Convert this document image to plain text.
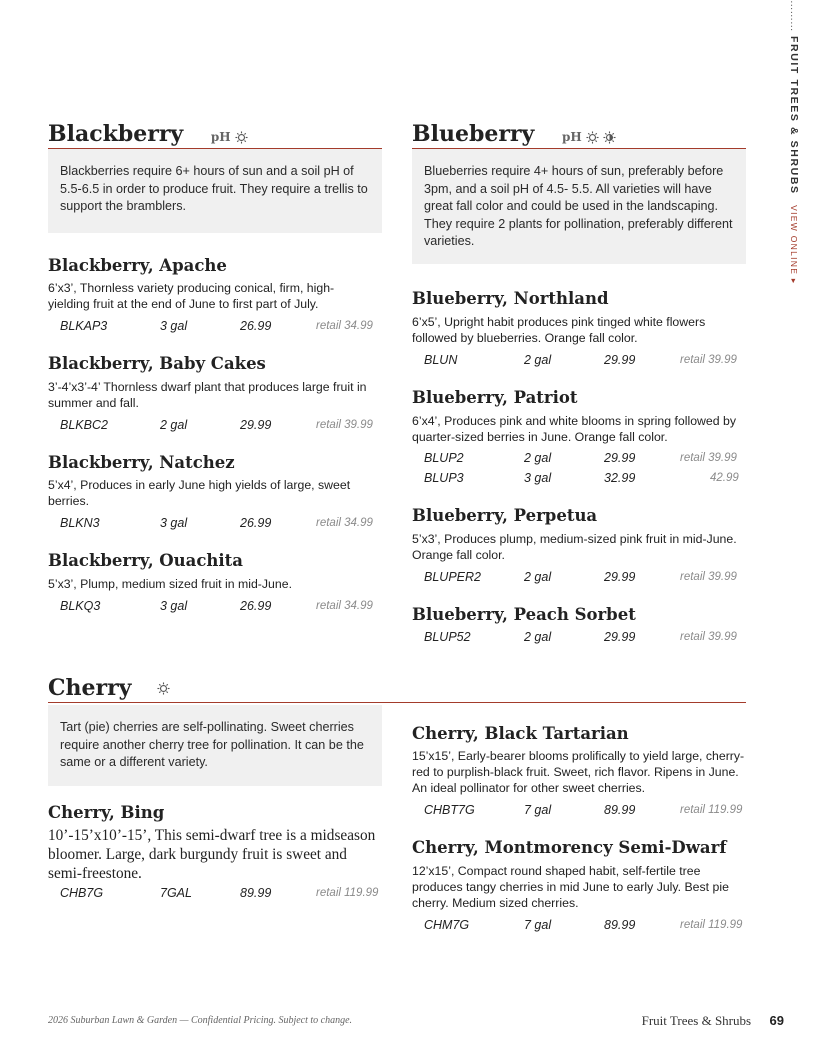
……… FRUIT TREES & SHRUBS VIEW ONLINE ▸
Blackberry pH
Blackberries require 6+ hours of sun and a soil pH of 5.5-6.5 in order to produce fruit. They require a trellis to support the bramblers.
Blackberry, Apache
6’x3’, Thornless variety producing conical, firm, high-yielding fruit at the end of June to first part of July.
BLKAP3	3 gal	26.99	retail 34.99
Blackberry, Baby Cakes
3’-4’x3’-4’ Thornless dwarf plant that produces large fruit in summer and fall.
BLKBC2	2 gal	29.99	retail 39.99
Blackberry, Natchez
5’x4’, Produces in early June high yields of large, sweet berries.
BLKN3	3 gal	26.99	retail 34.99
Blackberry, Ouachita
5’x3’, Plump, medium sized fruit in mid-June.
BLKQ3	3 gal	26.99	retail 34.99
Blueberry pH
Blueberries require 4+ hours of sun, preferably before 3pm, and a soil pH of 4.5- 5.5. All varieties will have great fall color and could be used in the landscaping. They require 2 plants for pollination, preferably different varieties.
Blueberry, Northland
6’x5’, Upright habit produces pink tinged white flowers followed by blueberries. Orange fall color.
BLUN	2 gal	29.99	retail 39.99
Blueberry, Patriot
6’x4’, Produces pink and white blooms in spring followed by quarter-sized berries in June. Orange fall color.
BLUP2	2 gal	29.99	retail 39.99
BLUP3	3 gal	32.99	42.99
Blueberry, Perpetua
5’x3’, Produces plump, medium-sized pink fruit in mid-June. Orange fall color.
BLUPER2	2 gal	29.99	retail 39.99
Blueberry, Peach Sorbet
BLUP52	2 gal	29.99	retail 39.99
Cherry
Tart (pie) cherries are self-pollinating. Sweet cherries require another cherry tree for pollination. It can be the same or a different variety.
Cherry, Bing
10’-15’x10’-15’, This semi-dwarf tree is a midseason bloomer. Large, dark burgundy fruit is sweet and semi-freestone.
CHB7G	7GAL	89.99	retail 119.99
Cherry, Black Tartarian
15’x15’, Early-bearer blooms prolifically to yield large, cherry-red to purplish-black fruit. Sweet, rich flavor. Ripens in June. An ideal pollinator for other sweet cherries.
CHBT7G	7 gal	89.99	retail 119.99
Cherry, Montmorency Semi-Dwarf
12’x15’, Compact round shaped habit, self-fertile tree produces tangy cherries in mid June to early July. Best pie cherry. Medium sized cherries.
CHM7G	7 gal	89.99	retail 119.99
2026 Suburban Lawn & Garden — Confidential Pricing. Subject to change.	Fruit Trees & Shrubs 69
